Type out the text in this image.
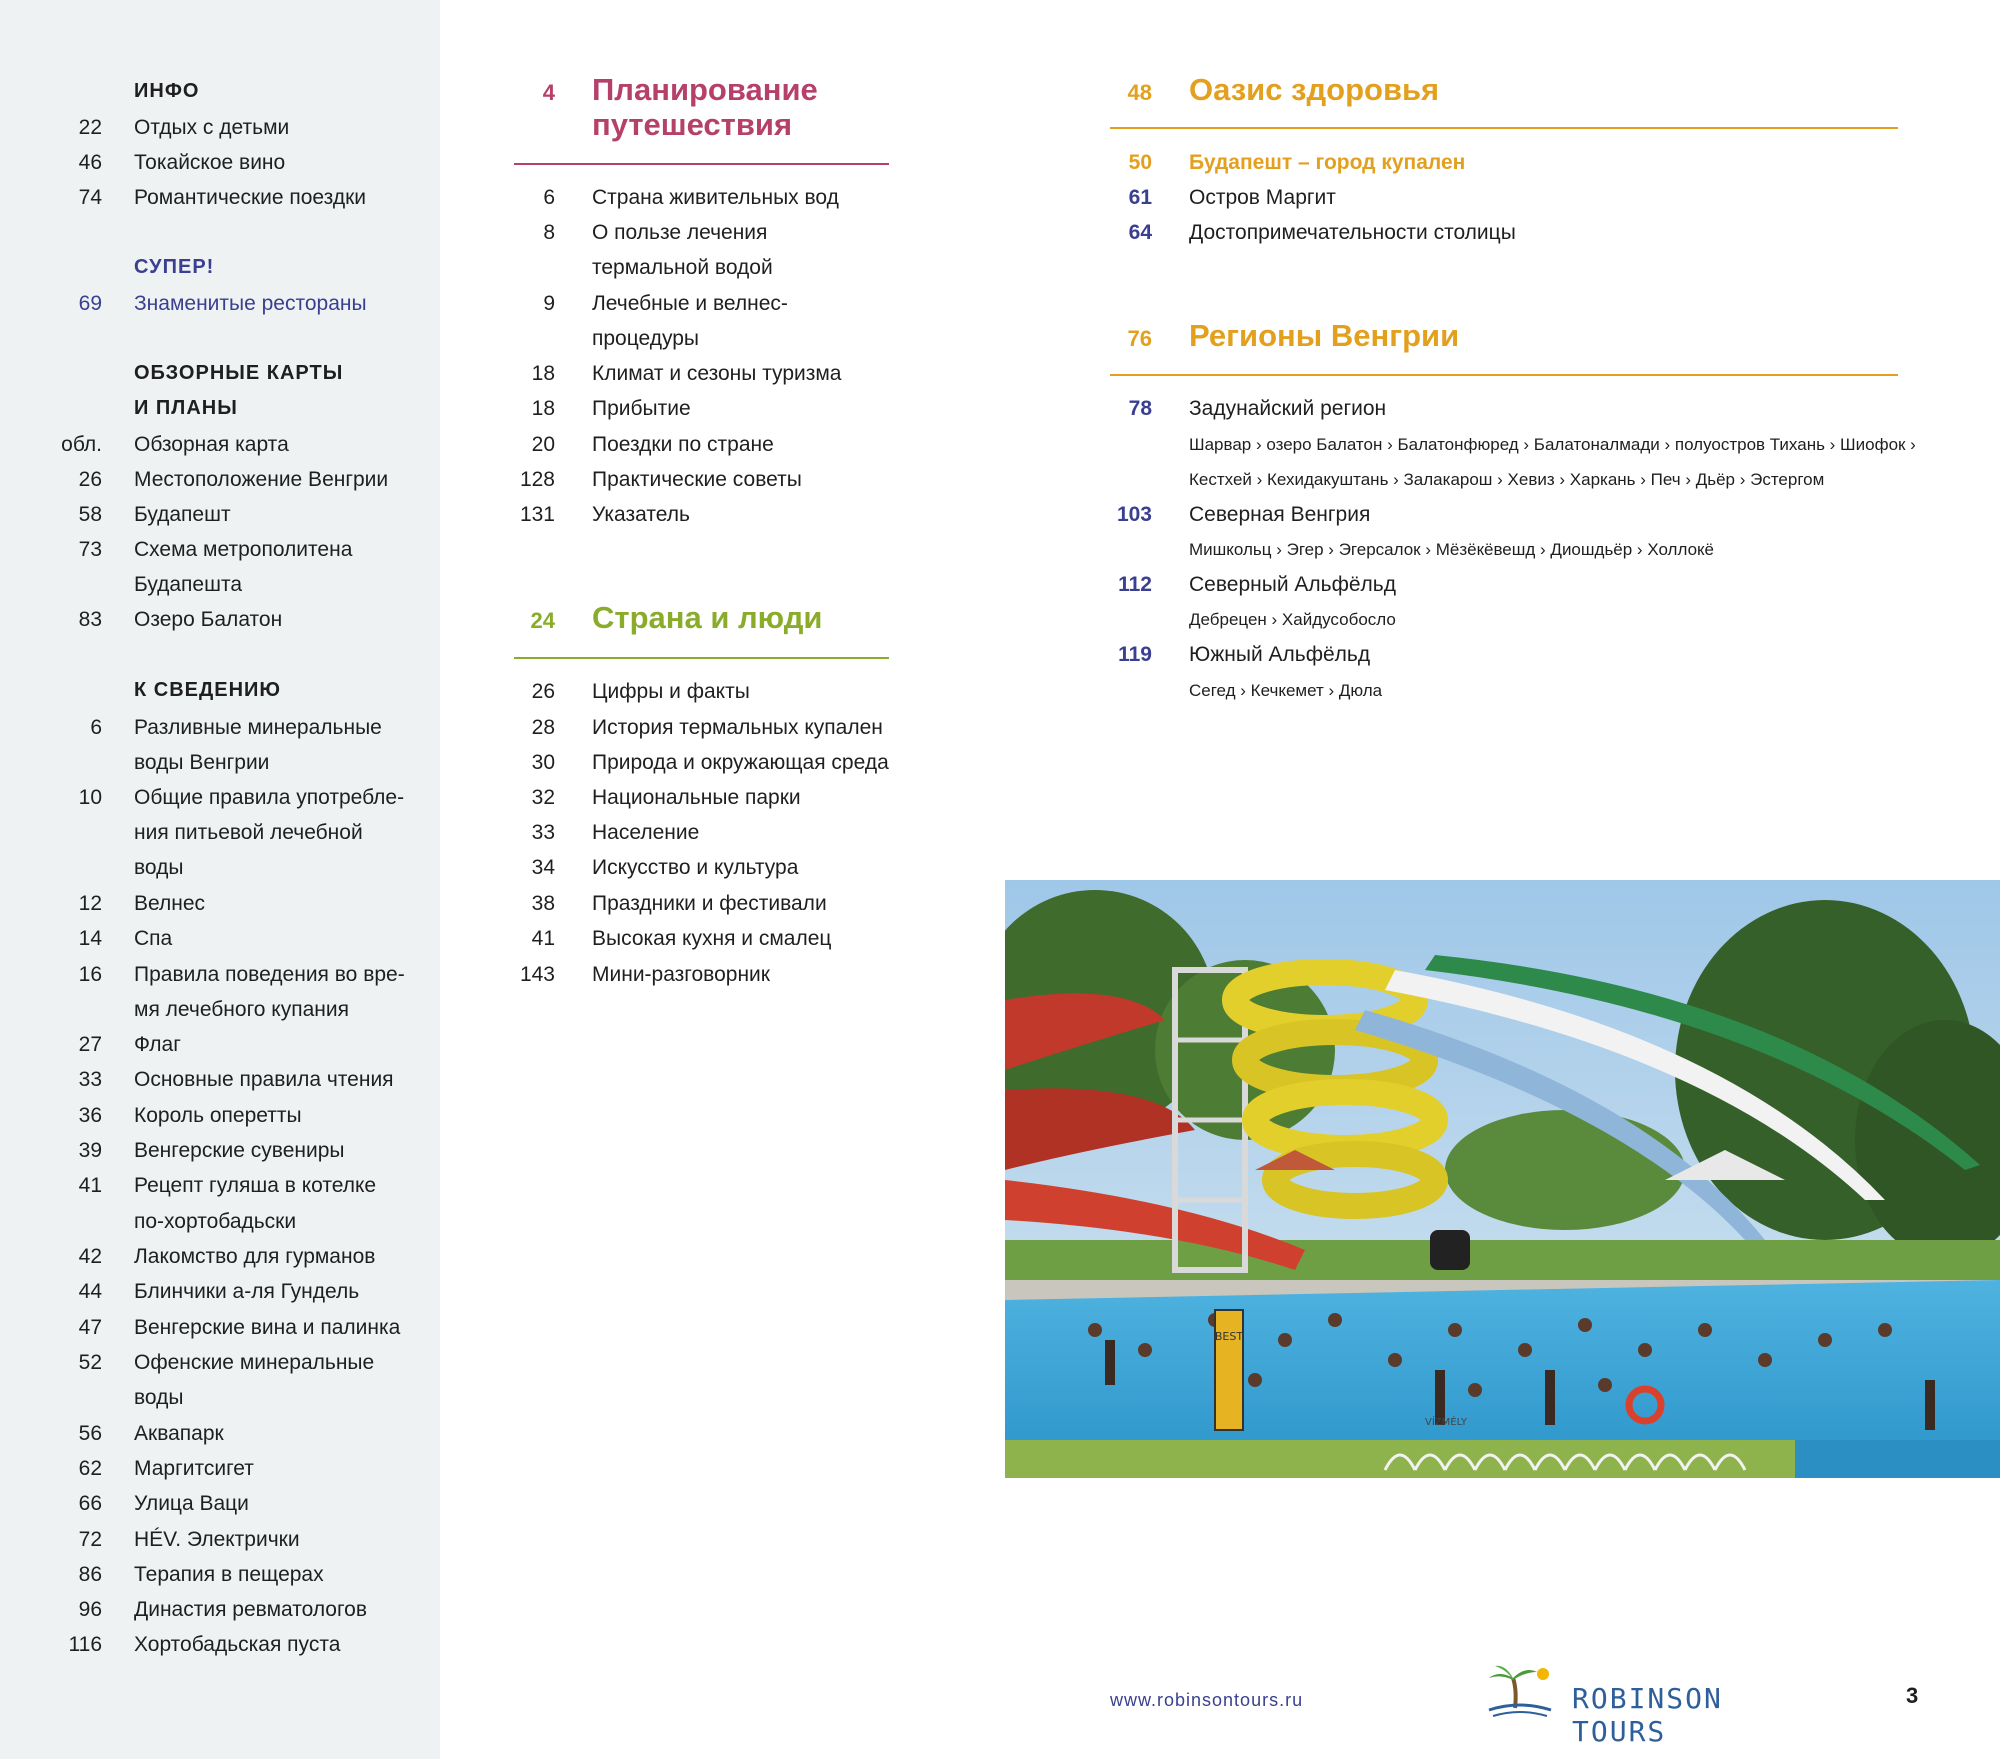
ИНФО
22 Отдых с детьми
46 Токайское вино
74 Романтические поездки
СУПЕР!
69 Знаменитые рестораны
ОБЗОРНЫЕ КАРТЫ
И ПЛАНЫ
обл. Обзорная карта
26 Местоположение Венгрии
58 Будапешт
73 Схема метрополитена
Будапешта
83 Озеро Балатон
К СВЕДЕНИЮ
6 Разливные минеральные
воды Венгрии
10 Общие правила употребле-
ния питьевой лечебной
воды
12 Велнес
14 Спа
16 Правила поведения во вре-
мя лечебного купания
27 Флаг
33 Основные правила чтения
36 Король оперетты
39 Венгерские сувениры
41 Рецепт гуляша в котелке
по-хортобадьски
42 Лакомство для гурманов
44 Блинчики а-ля Гундель
47 Венгерские вина и палинка
52 Офенские минеральные
воды
56 Аквапарк
62 Маргитсигет
66 Улица Ваци
72 HÉV. Электрички
86 Терапия в пещерах
96 Династия ревматологов
116 Хортобадьская пуста
4 Планирование
путешествия
6 Страна живительных вод
8 О пользе лечения
термальной водой
9 Лечебные и велнес-
процедуры
18 Климат и сезоны туризма
18 Прибытие
20 Поездки по стране
128 Практические советы
131 Указатель
24 Страна и люди
26 Цифры и факты
28 История термальных купален
30 Природа и окружающая среда
32 Национальные парки
33 Население
34 Искусство и культура
38 Праздники и фестивали
41 Высокая кухня и смалец
143 Мини-разговорник
48 Оазис здоровья
50 Будапешт – город купален
61 Остров Маргит
64 Достопримечательности столицы
76 Регионы Венгрии
78 Задунайский регион
Шарвар › озеро Балатон › Балатонфюред › Балатоналмади › полуостров Тихань › Шиофок ›
Кестхей › Кехидакуштань › Залакарош › Хевиз › Харкань › Печ › Дьёр › Эстергом
103 Северная Венгрия
Мишкольц › Эгер › Эгерсалок › Мёзёкёвешд › Диошдьёр › Холлокё
112 Северный Альфёльд
Дебрецен › Хайдусобосло
119 Южный Альфёльд
Сегед › Кечкемет › Дюла
BEST
VÍZMÉLY
www.robinsontours.ru	ROBINSON TOURS
3
